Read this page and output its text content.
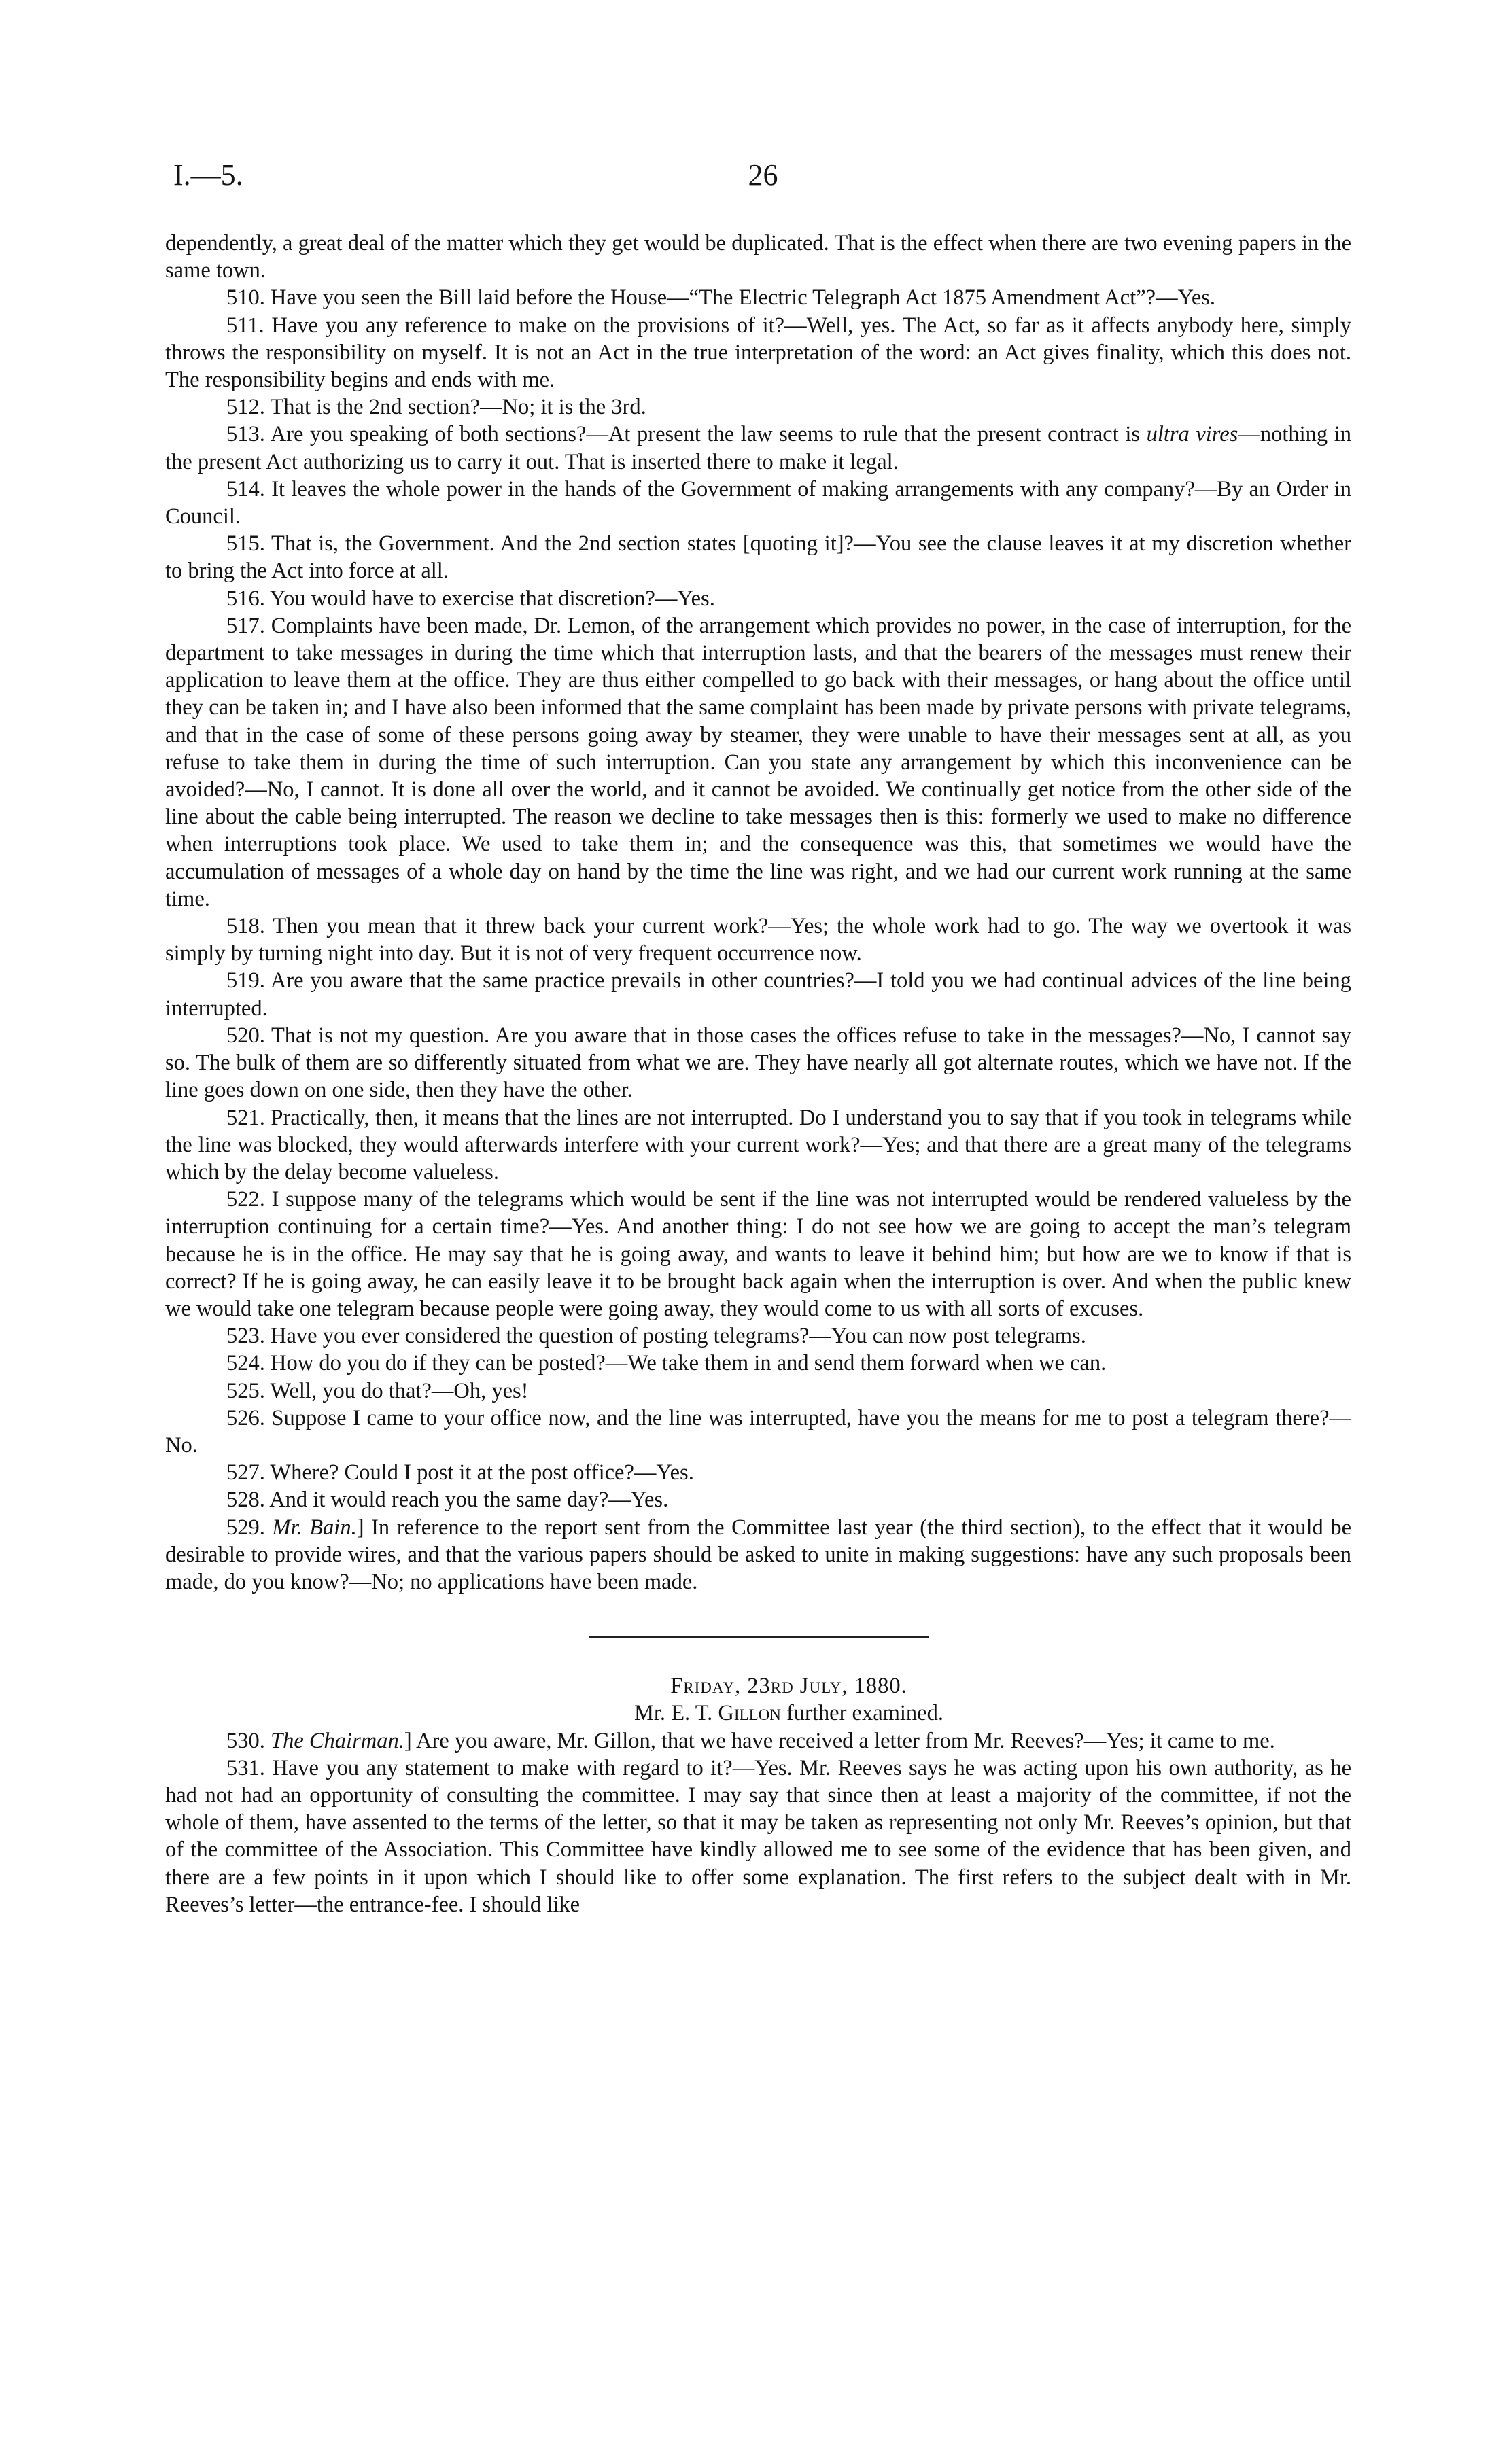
I.—5.	26

dependently, a great deal of the matter which they get would be duplicated. That is the effect when there are two evening papers in the same town.

510. Have you seen the Bill laid before the House—“The Electric Telegraph Act 1875 Amendment Act”?—Yes.

511. Have you any reference to make on the provisions of it?—Well, yes. The Act, so far as it affects anybody here, simply throws the responsibility on myself. It is not an Act in the true interpretation of the word: an Act gives finality, which this does not. The responsibility begins and ends with me.

512. That is the 2nd section?—No; it is the 3rd.

513. Are you speaking of both sections?—At present the law seems to rule that the present contract is ultra vires—nothing in the present Act authorizing us to carry it out. That is inserted there to make it legal.

514. It leaves the whole power in the hands of the Government of making arrangements with any company?—By an Order in Council.

515. That is, the Government. And the 2nd section states [quoting it]?—You see the clause leaves it at my discretion whether to bring the Act into force at all.

516. You would have to exercise that discretion?—Yes.

517. Complaints have been made, Dr. Lemon, of the arrangement which provides no power, in the case of interruption, for the department to take messages in during the time which that interruption lasts, and that the bearers of the messages must renew their application to leave them at the office. They are thus either compelled to go back with their messages, or hang about the office until they can be taken in; and I have also been informed that the same complaint has been made by private persons with private telegrams, and that in the case of some of these persons going away by steamer, they were unable to have their messages sent at all, as you refuse to take them in during the time of such interruption. Can you state any arrangement by which this inconvenience can be avoided?—No, I cannot. It is done all over the world, and it cannot be avoided. We continually get notice from the other side of the line about the cable being interrupted. The reason we decline to take messages then is this: formerly we used to make no difference when interruptions took place. We used to take them in; and the consequence was this, that sometimes we would have the accumulation of messages of a whole day on hand by the time the line was right, and we had our current work running at the same time.

518. Then you mean that it threw back your current work?—Yes; the whole work had to go. The way we overtook it was simply by turning night into day. But it is not of very frequent occurrence now.

519. Are you aware that the same practice prevails in other countries?—I told you we had continual advices of the line being interrupted.

520. That is not my question. Are you aware that in those cases the offices refuse to take in the messages?—No, I cannot say so. The bulk of them are so differently situated from what we are. They have nearly all got alternate routes, which we have not. If the line goes down on one side, then they have the other.

521. Practically, then, it means that the lines are not interrupted. Do I understand you to say that if you took in telegrams while the line was blocked, they would afterwards interfere with your current work?—Yes; and that there are a great many of the telegrams which by the delay become valueless.

522. I suppose many of the telegrams which would be sent if the line was not interrupted would be rendered valueless by the interruption continuing for a certain time?—Yes. And another thing: I do not see how we are going to accept the man’s telegram because he is in the office. He may say that he is going away, and wants to leave it behind him; but how are we to know if that is correct? If he is going away, he can easily leave it to be brought back again when the interruption is over. And when the public knew we would take one telegram because people were going away, they would come to us with all sorts of excuses.

523. Have you ever considered the question of posting telegrams?—You can now post telegrams.

524. How do you do if they can be posted?—We take them in and send them forward when we can.

525. Well, you do that?—Oh, yes!

526. Suppose I came to your office now, and the line was interrupted, have you the means for me to post a telegram there?—No.

527. Where? Could I post it at the post office?—Yes.

528. And it would reach you the same day?—Yes.

529. Mr. Bain.] In reference to the report sent from the Committee last year (the third section), to the effect that it would be desirable to provide wires, and that the various papers should be asked to unite in making suggestions: have any such proposals been made, do you know?—No; no applications have been made.

Friday, 23rd July, 1880.

Mr. E. T. Gillon further examined.

530. The Chairman.] Are you aware, Mr. Gillon, that we have received a letter from Mr. Reeves?—Yes; it came to me.

531. Have you any statement to make with regard to it?—Yes. Mr. Reeves says he was acting upon his own authority, as he had not had an opportunity of consulting the committee. I may say that since then at least a majority of the committee, if not the whole of them, have assented to the terms of the letter, so that it may be taken as representing not only Mr. Reeves’s opinion, but that of the committee of the Association. This Committee have kindly allowed me to see some of the evidence that has been given, and there are a few points in it upon which I should like to offer some explanation. The first refers to the subject dealt with in Mr. Reeves’s letter—the entrance-fee. I should like
